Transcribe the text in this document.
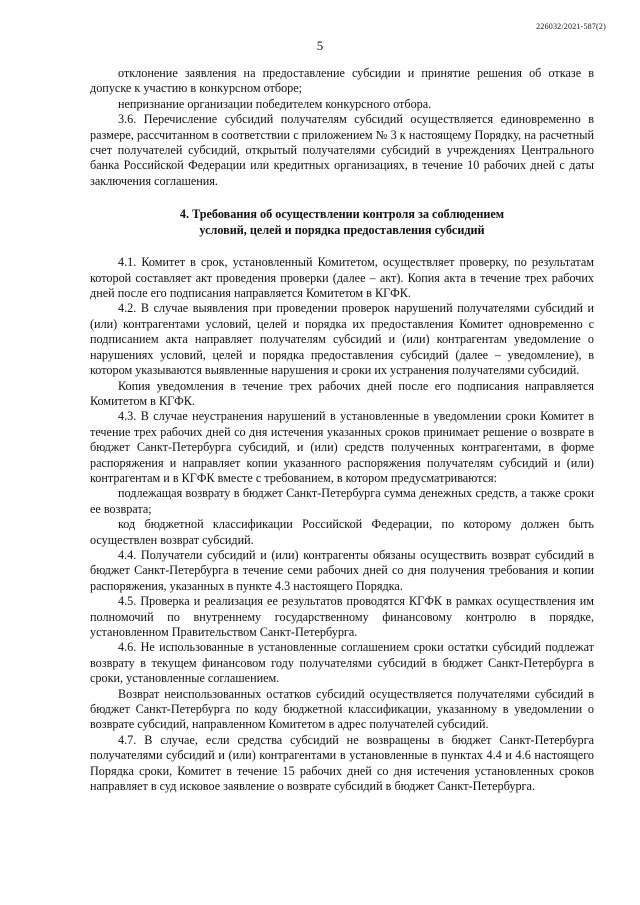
226032/2021-587(2)
5

отклонение заявления на предоставление субсидии и принятие решения об отказе в допуске к участию в конкурсном отборе;

непризнание организации победителем конкурсного отбора.

3.6. Перечисление субсидий получателям субсидий осуществляется единовременно в размере, рассчитанном в соответствии с приложением № 3 к настоящему Порядку, на расчетный счет получателей субсидий, открытый получателями субсидий в учреждениях Центрального банка Российской Федерации или кредитных организациях, в течение 10 рабочих дней с даты заключения соглашения.

4. Требования об осуществлении контроля за соблюдением
условий, целей и порядка предоставления субсидий

4.1. Комитет в срок, установленный Комитетом, осуществляет проверку, по результатам которой составляет акт проведения проверки (далее – акт). Копия акта в течение трех рабочих дней после его подписания направляется Комитетом в КГФК.

4.2. В случае выявления при проведении проверок нарушений получателями субсидий и (или) контрагентами условий, целей и порядка их предоставления Комитет одновременно с подписанием акта направляет получателям субсидий и (или) контрагентам уведомление о нарушениях условий, целей и порядка предоставления субсидий (далее – уведомление), в котором указываются выявленные нарушения и сроки их устранения получателями субсидий.

Копия уведомления в течение трех рабочих дней после его подписания направляется Комитетом в КГФК.

4.3. В случае неустранения нарушений в установленные в уведомлении сроки Комитет в течение трех рабочих дней со дня истечения указанных сроков принимает решение о возврате в бюджет Санкт-Петербурга субсидий, и (или) средств полученных контрагентами, в форме распоряжения и направляет копии указанного распоряжения получателям субсидий и (или) контрагентам и в КГФК вместе с требованием, в котором предусматриваются:

подлежащая возврату в бюджет Санкт-Петербурга сумма денежных средств, а также сроки ее возврата;

код бюджетной классификации Российской Федерации, по которому должен быть осуществлен возврат субсидий.

4.4. Получатели субсидий и (или) контрагенты обязаны осуществить возврат субсидий в бюджет Санкт-Петербурга в течение семи рабочих дней со дня получения требования и копии распоряжения, указанных в пункте 4.3 настоящего Порядка.

4.5. Проверка и реализация ее результатов проводятся КГФК в рамках осуществления им полномочий по внутреннему государственному финансовому контролю в порядке, установленном Правительством Санкт-Петербурга.

4.6. Не использованные в установленные соглашением сроки остатки субсидий подлежат возврату в текущем финансовом году получателями субсидий в бюджет Санкт-Петербурга в сроки, установленные соглашением.

Возврат неиспользованных остатков субсидий осуществляется получателями субсидий в бюджет Санкт-Петербурга по коду бюджетной классификации, указанному в уведомлении о возврате субсидий, направленном Комитетом в адрес получателей субсидий.

4.7. В случае, если средства субсидий не возвращены в бюджет Санкт-Петербурга получателями субсидий и (или) контрагентами в установленные в пунктах 4.4 и 4.6 настоящего Порядка сроки, Комитет в течение 15 рабочих дней со дня истечения установленных сроков направляет в суд исковое заявление о возврате субсидий в бюджет Санкт-Петербурга.
